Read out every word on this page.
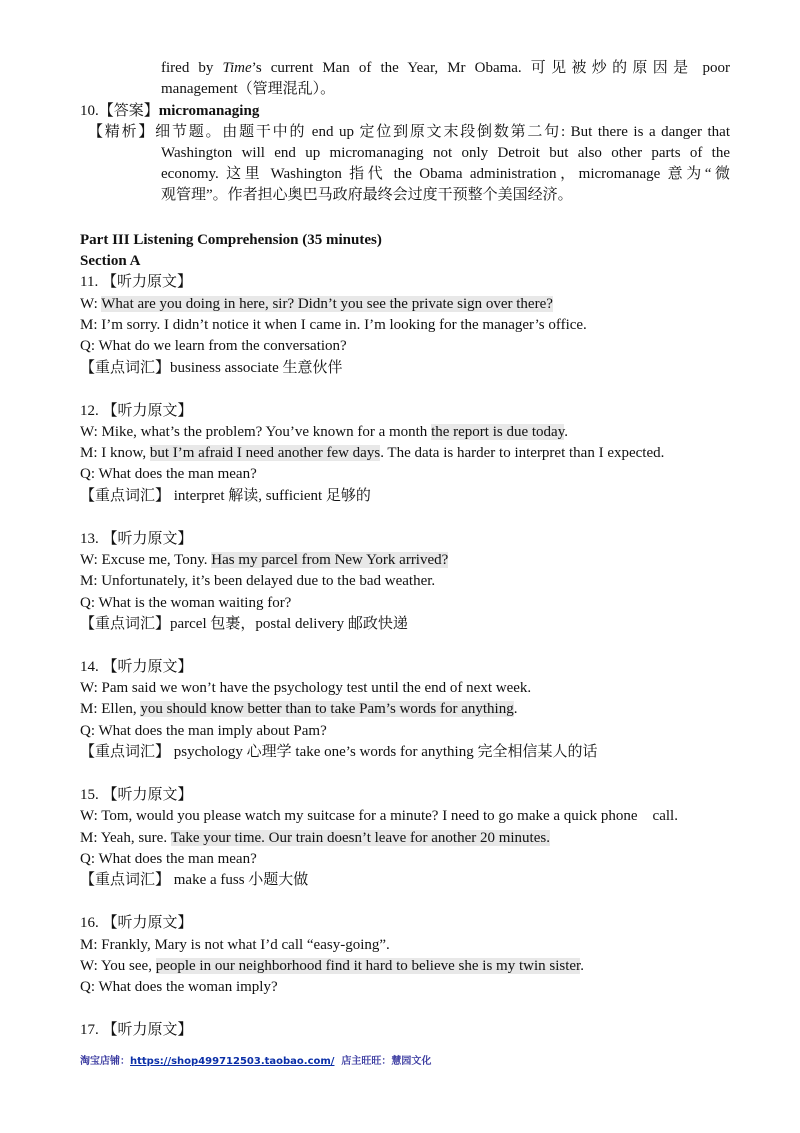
fired by Time’s current Man of the Year, Mr Obama. 可见被炒的原因是 poor
management（管理混乱）。
10.【答案】micromanaging
【精析】细节题。由题干中的 end up 定位到原文末段倒数第二句: But there is a danger that
Washington will end up micromanaging not only Detroit but also other parts of the
economy. 这里 Washington 指代 the Obama administration，micromanage 意为“微
观管理”。作者担心奥巴马政府最终会过度干预整个美国经济。
Part III Listening Comprehension (35 minutes)
Section A
11. 【听力原文】
W: What are you doing in here, sir? Didn’t you see the private sign over there?
M: I’m sorry. I didn’t notice it when I came in. I’m looking for the manager’s office.
Q: What do we learn from the conversation?
【重点词汇】business associate 生意伙伴
12. 【听力原文】
W: Mike, what’s the problem? You’ve known for a month the report is due today.
M: I know, but I’m afraid I need another few days. The data is harder to interpret than I expected.
Q: What does the man mean?
【重点词汇】 interpret 解读, sufficient 足够的
13. 【听力原文】
W: Excuse me, Tony. Has my parcel from New York arrived?
M: Unfortunately, it’s been delayed due to the bad weather.
Q: What is the woman waiting for?
【重点词汇】parcel 包裹，postal delivery 邮政快递
14. 【听力原文】
W: Pam said we won’t have the psychology test until the end of next week.
M: Ellen, you should know better than to take Pam’s words for anything.
Q: What does the man imply about Pam?
【重点词汇】 psychology 心理学 take one’s words for anything 完全相信某人的话
15. 【听力原文】
W: Tom, would you please watch my suitcase for a minute? I need to go make a quick phone    call.
M: Yeah, sure. Take your time. Our train doesn’t leave for another 20 minutes.
Q: What does the man mean?
【重点词汇】 make a fuss 小题大做
16. 【听力原文】
M: Frankly, Mary is not what I’d call “easy-going”.
W: You see, people in our neighborhood find it hard to believe she is my twin sister.
Q: What does the woman imply?
17. 【听力原文】
淘宝店铺：https://shop499712503.taobao.com/  店主旺旺：慧园文化
